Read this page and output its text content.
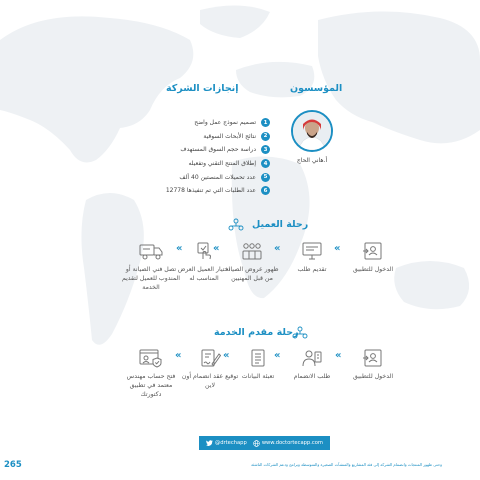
المؤسسون
أ.هاني الحاج
إنجازات الشركة
1
تصميم نموذج عمل واضح
2
نتائج الأبحاث السوقية
3
دراسة حجم السوق المستهدف
4
إطلاق المنتج التقني وتفعيله
5
عدد تحميلات المنصتين 40 ألف
6
عدد الطلبات التي تم تنفيذها 12778
رحلة العميل
الدخول للتطبيق
«
تقديم طلب
«
ظهور عروض الصيانة من قبل المهنيين
«
اختيار العميل العرض المناسب له
«
تصل فني الصيانة أو المندوب للعميل لتقديم الخدمة
رحلة مقدم الخدمة
الدخول للتطبيق
«
طلب الانضمام
«
تعبئة البيانات
«
توقيع عقد انضمام أون لاين
«
فتح حساب مهندس معتمد في تطبيق دكتورتك
@drtechapp	www.doctortecapp.com
265	وحتى ظهور المنتجات وانضمام الشركة إلى فئة المشاريع والمنشآت الصغيرة والمتوسطة وبرامج ودعم الشركات الناشئة
